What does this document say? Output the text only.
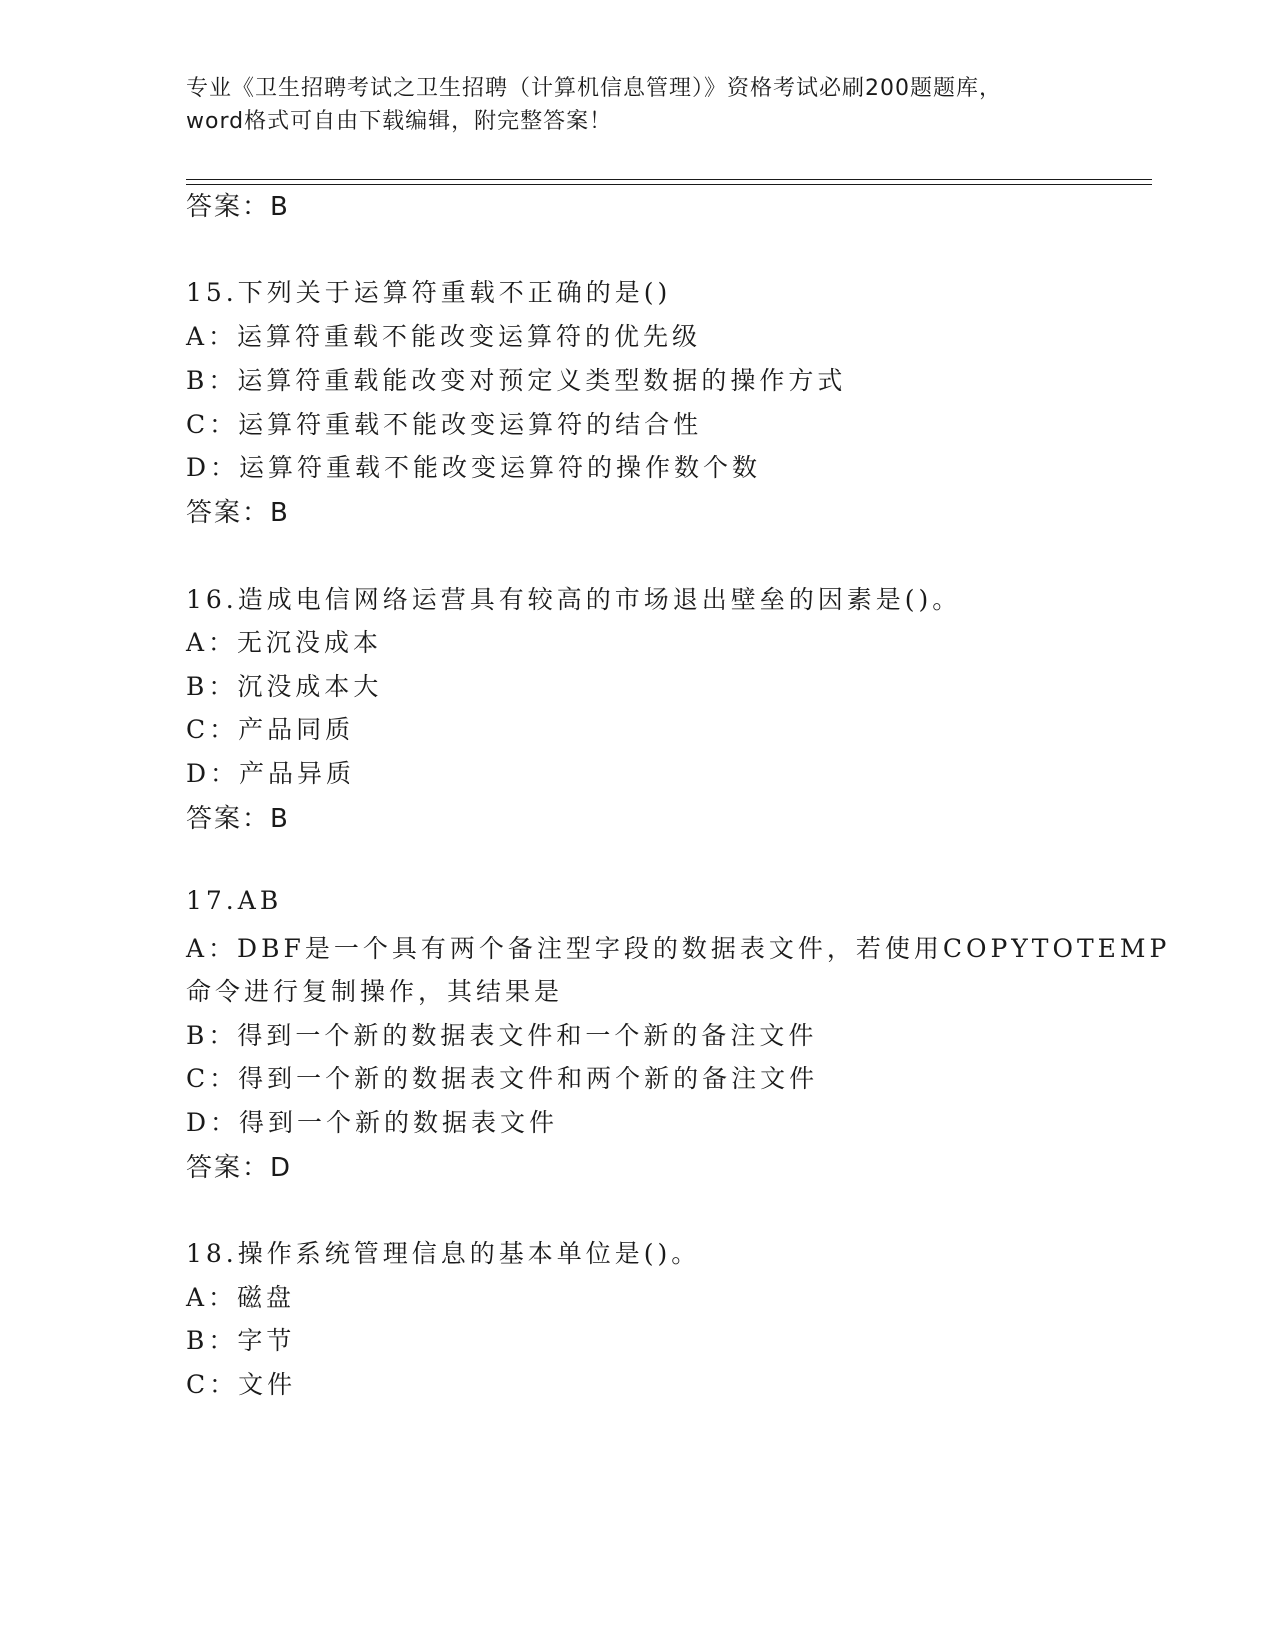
专业《卫生招聘考试之卫生招聘（计算机信息管理）》资格考试必刷200题题库，
word格式可自由下载编辑，附完整答案！
答案：B
15.下列关于运算符重载不正确的是()
A：运算符重载不能改变运算符的优先级
B：运算符重载能改变对预定义类型数据的操作方式
C：运算符重载不能改变运算符的结合性
D：运算符重载不能改变运算符的操作数个数
答案：B
16.造成电信网络运营具有较高的市场退出壁垒的因素是()。
A：无沉没成本
B：沉没成本大
C：产品同质
D：产品异质
答案：B
17.AB
A：DBF是一个具有两个备注型字段的数据表文件，若使用COPYTOTEMP
命令进行复制操作，其结果是
B：得到一个新的数据表文件和一个新的备注文件
C：得到一个新的数据表文件和两个新的备注文件
D：得到一个新的数据表文件
答案：D
18.操作系统管理信息的基本单位是()。
A：磁盘
B：字节
C：文件
